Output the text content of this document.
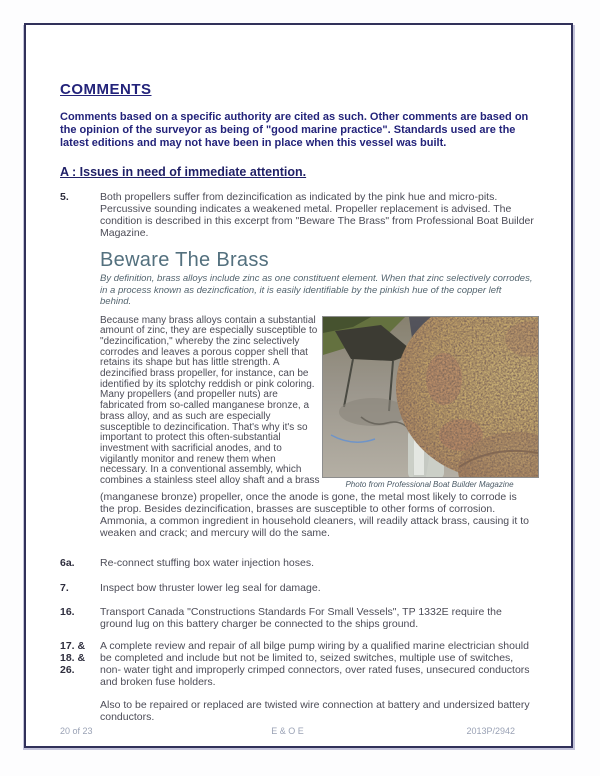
COMMENTS

Comments based on a specific authority are cited as such. Other comments are based on the opinion of the surveyor as being of "good marine practice". Standards used are the latest editions and may not have been in place when this vessel was built.

A : Issues in need of immediate attention.
5.	Both propellers suffer from dezincification as indicated by the pink hue and micro-pits. Percussive sounding indicates a weakened metal. Propeller replacement is advised. The condition is described in this excerpt from "Beware The Brass" from Professional Boat Builder Magazine.
Beware The Brass

By definition, brass alloys include zinc as one constituent element. When that zinc selectively corrodes, in a process known as dezincfication, it is easily identifiable by the pinkish hue of the copper left behind.

Because many brass alloys contain a substantial amount of zinc, they are especially susceptible to "dezincification," whereby the zinc selectively corrodes and leaves a porous copper shell that retains its shape but has little strength. A dezincified brass propeller, for instance, can be identified by its splotchy reddish or pink coloring. Many propellers (and propeller nuts) are fabricated from so-called manganese bronze, a brass alloy, and as such are especially susceptible to dezincification. That's why it's so important to protect this often-substantial investment with sacrificial anodes, and to vigilantly monitor and renew them when necessary. In a conventional assembly, which combines a stainless steel alloy shaft and a brass	Photo from Professional Boat Builder Magazine

(manganese bronze) propeller, once the anode is gone, the metal most likely to corrode is the prop. Besides dezincification, brasses are susceptible to other forms of corrosion. Ammonia, a common ingredient in household cleaners, will readily attack brass, causing it to weaken and crack; and mercury will do the same.

6a.	Re-connect stuffing box water injection hoses.
7.	Inspect bow thruster lower leg seal for damage.
16.	Transport Canada "Constructions Standards For Small Vessels", TP 1332E require the ground lug on this battery charger be connected to the ships ground.
17. &
18. &
26.
A complete review and repair of all bilge pump wiring by a qualified marine electrician should be completed and include but not be limited to, seized switches, multiple use of switches, non- water tight and improperly crimped connectors, over rated fuses, unsecured conductors and broken fuse holders.
Also to be repaired or replaced are twisted wire connection at battery and undersized battery conductors.
20 of 23	E & O E	2013P/2942
